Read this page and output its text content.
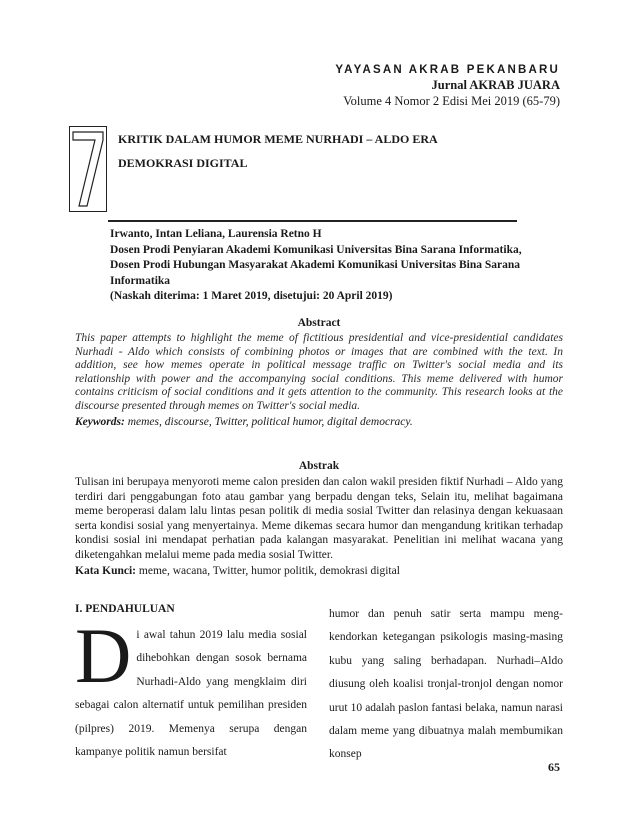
YAYASAN AKRAB PEKANBARU
Jurnal AKRAB JUARA
Volume 4 Nomor 2 Edisi Mei 2019 (65-79)
7
KRITIK DALAM HUMOR MEME NURHADI – ALDO ERA
DEMOKRASI DIGITAL
Irwanto, Intan Leliana, Laurensia Retno H
Dosen Prodi Penyiaran Akademi Komunikasi Universitas Bina Sarana Informatika,
Dosen Prodi Hubungan Masyarakat Akademi Komunikasi Universitas Bina Sarana Informatika
(Naskah diterima: 1 Maret 2019, disetujui: 20 April 2019)
Abstract
This paper attempts to highlight the meme of fictitious presidential and vice-presidential candidates Nurhadi - Aldo which consists of combining photos or images that are combined with the text. In addition, see how memes operate in political message traffic on Twitter's social media and its relationship with power and the accompanying social conditions. This meme delivered with humor contains criticism of social conditions and it gets attention to the community. This research looks at the discourse presented through memes on Twitter's social media.
Keywords: memes, discourse, Twitter, political humor, digital democracy.
Abstrak
Tulisan ini berupaya menyoroti meme calon presiden dan calon wakil presiden fiktif Nurhadi – Aldo yang terdiri dari penggabungan foto atau gambar yang berpadu dengan teks, Selain itu, melihat bagaimana meme beroperasi dalam lalu lintas pesan politik di media sosial Twitter dan relasinya dengan kekuasaan serta kondisi sosial yang menyertainya. Meme dikemas secara humor dan mengandung kritikan terhadap kondisi sosial ini mendapat perhatian pada kalangan masyarakat. Penelitian ini melihat wacana yang diketengahkan melalui meme pada media sosial Twitter.
Kata Kunci: meme, wacana, Twitter, humor politik, demokrasi digital
I. PENDAHULUAN
Di awal tahun 2019 lalu media sosial dihebohkan dengan sosok bernama Nurhadi-Aldo yang mengklaim diri sebagai calon alternatif untuk pemilihan presiden (pilpres) 2019. Memenya serupa dengan kampanye politik namun bersifat
humor dan penuh satir serta mampu meng-kendorkan ketegangan psikologis masing-masing kubu yang saling berhadapan. Nurhadi–Aldo diusung oleh koalisi tronjal-tronjol dengan nomor urut 10 adalah paslon fantasi belaka, namun narasi dalam meme yang dibuatnya malah membumikan konsep
65
